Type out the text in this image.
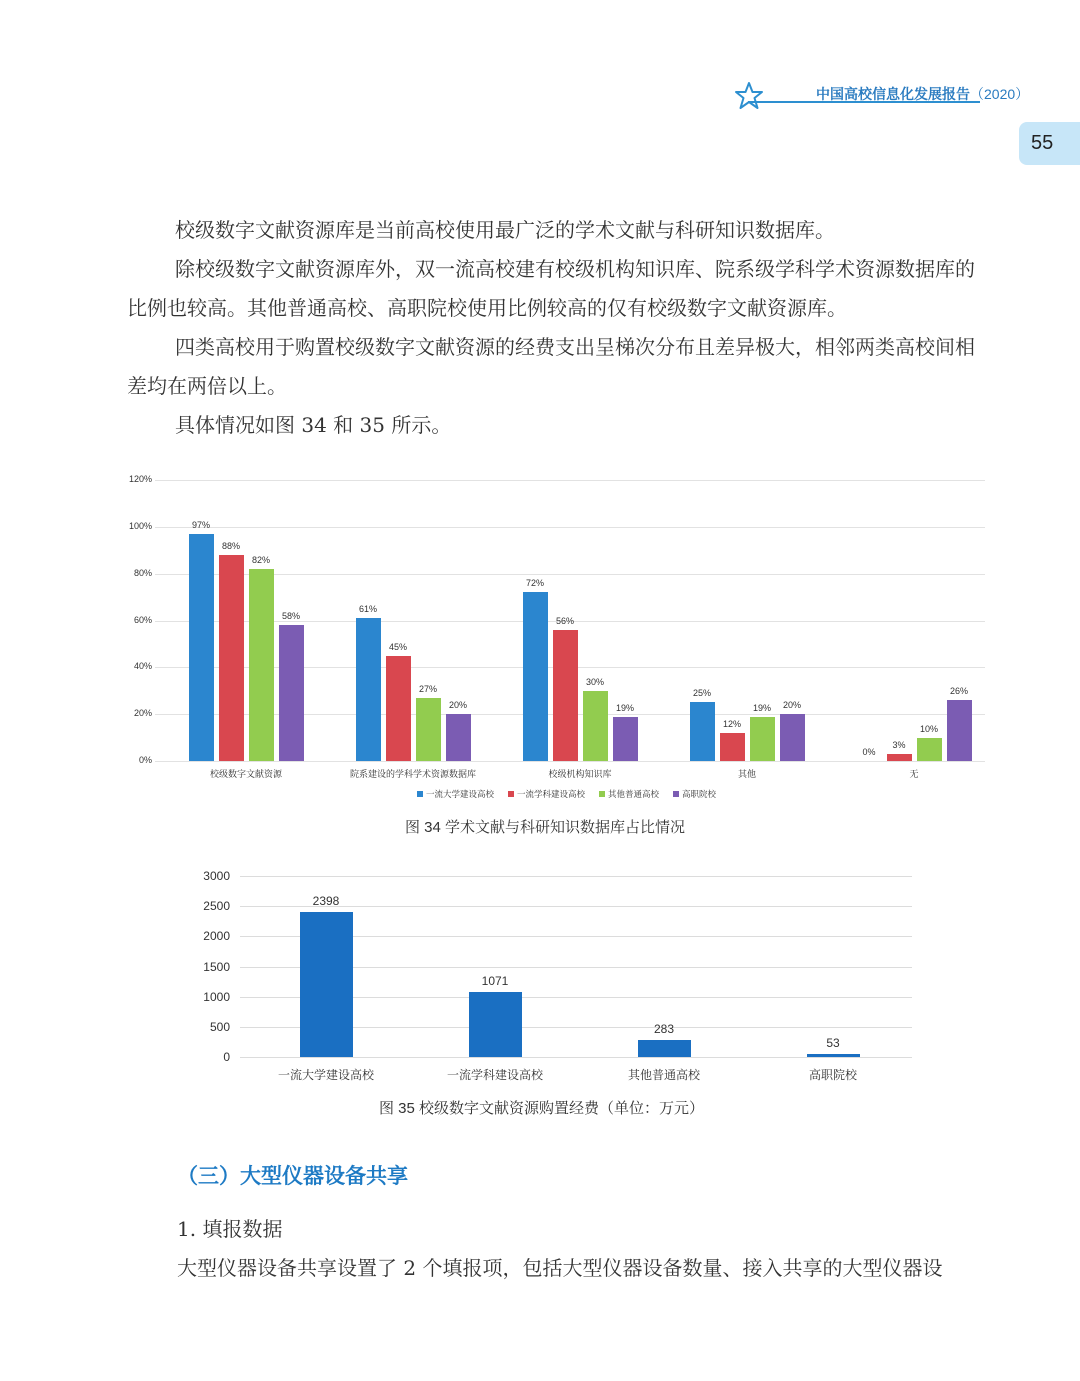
中国高校信息化发展报告（2020）
55

校级数字文献资源库是当前高校使用最广泛的学术文献与科研知识数据库。

除校级数字文献资源库外，双一流高校建有校级机构知识库、院系级学科学术资源数据库的比例也较高。其他普通高校、高职院校使用比例较高的仅有校级数字文献资源库。

四类高校用于购置校级数字文献资源的经费支出呈梯次分布且差异极大，相邻两类高校间相差均在两倍以上。

具体情况如图 34 和 35 所示。

120%
100%
80%
60%
40%
20%
0%
97%
88%
82%
58%
校级数字文献资源
61%
45%
27%
20%
院系建设的学科学术资源数据库
72%
56%
30%
19%
校级机构知识库
25%
12%
19%	20%
其他
0%
3%
10%
26%
无
一流大学建设高校	一流学科建设高校	其他普通高校	高职院校
图 34 学术文献与科研知识数据库占比情况
3000
2500
2000
1500
1000
500
0
2398
一流大学建设高校
1071
一流学科建设高校
283
其他普通高校
53
高职院校
图 35 校级数字文献资源购置经费（单位：万元）
（三）大型仪器设备共享
1. 填报数据
大型仪器设备共享设置了 2 个填报项，包括大型仪器设备数量、接入共享的大型仪器设
